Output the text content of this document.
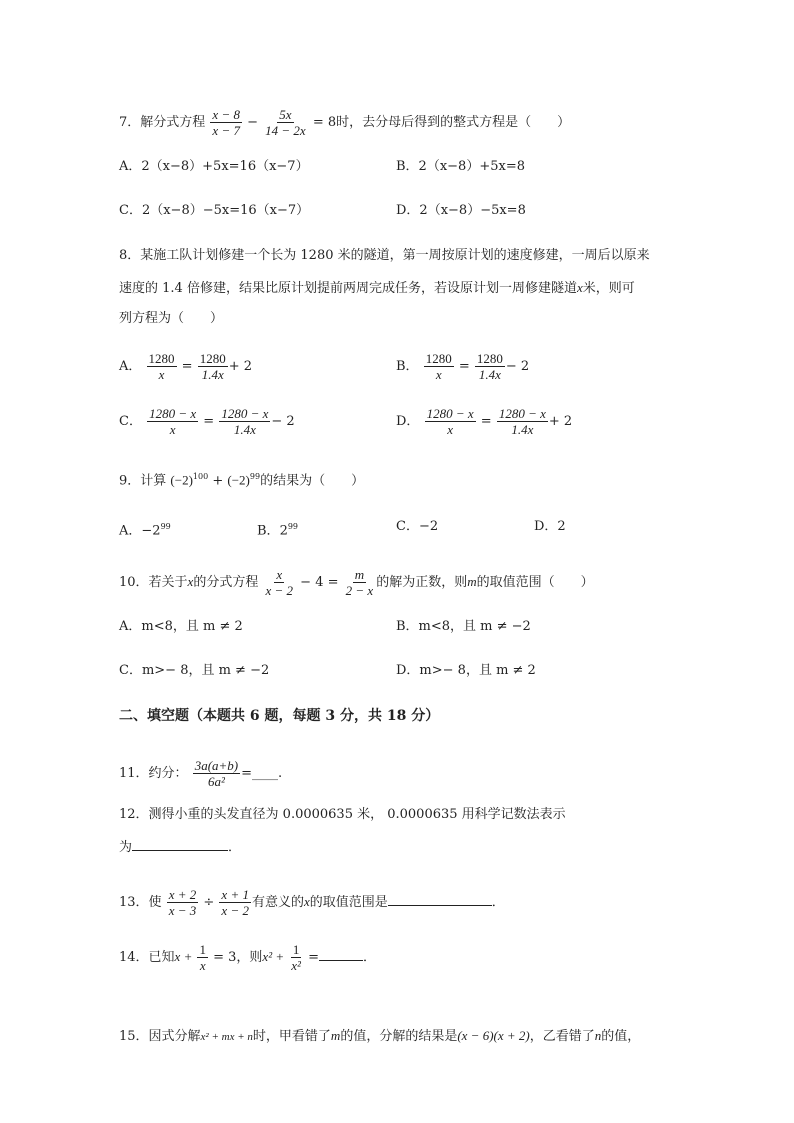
7．解分式方程 $\frac{x - 8}{x - 7} - \frac{5x}{14 - 2x} = 8$时，去分母后得到的整式方程是（　　）
A．2（x−8）+5x=16（x−7）	B．2（x−8）+5x=8
C．2（x−8）−5x=16（x−7）	D．2（x−8）−5x=8
8．某施工队计划修建一个长为 1280 米的隧道，第一周按原计划的速度修建，一周后以原来
速度的 1.4 倍修建，结果比原计划提前两周完成任务，若设原计划一周修建隧道x米，则可
列方程为（　　）
A． $\frac{1280}{x} = \frac{1280}{1.4x} + 2$	B． $\frac{1280}{x} = \frac{1280}{1.4x} - 2$
C． $\frac{1280 - x}{x} = \frac{1280 - x}{1.4x} - 2$	D． $\frac{1280 - x}{x} = \frac{1280 - x}{1.4x} + 2$
9．计算 $(-2)^{100} + (-2)^{99}$的结果为（　　）
A．$-2^{99}$	B．$2^{99}$	C．−2	D．2
10．若关于x的分式方程 $\frac{x}{x - 2} - 4 = \frac{m}{2 - x}$ 的解为正数，则m的取值范围（　　）
A．m<8，且 m ≠ 2	B．m<8，且 m ≠ −2
C．m>− 8，且 m ≠ −2	D．m>− 8，且 m ≠ 2
二、填空题（本题共 6 题，每题 3 分，共 18 分）
11．约分： $\frac{3a(a+b)}{\text{6a²}}$ =____.
12．测得小重的头发直径为 0.0000635 米， 0.0000635 用科学记数法表示
为	．
13．使 $\frac{x + 2}{x - 3} \div \frac{x + 1}{x - 2}$ 有意义的x的取值范围是	．
14．已知$x + \frac{1}{x} = 3$，则$x^2 + \frac{1}{\text{x²}}$ =	．
15．因式分解x² + mx + n时，甲看错了m的值，分解的结果是(x − 6)(x + 2)，乙看错了n的值，
